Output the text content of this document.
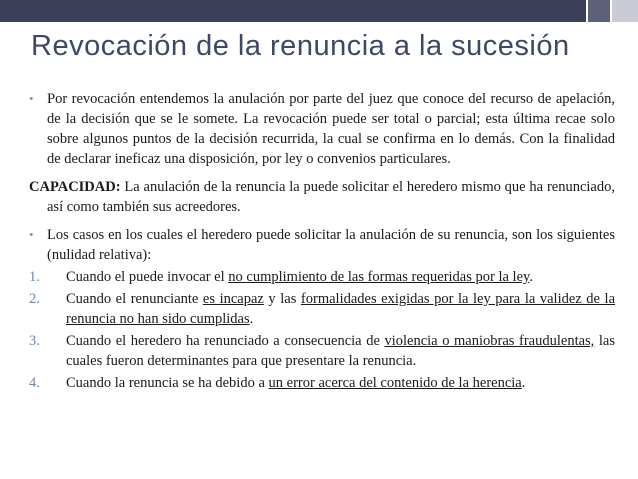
Revocación de la renuncia a la sucesión
• Por revocación entendemos la anulación por parte del juez que conoce del recurso de apelación, de la decisión que se le somete. La revocación puede ser total o parcial; esta última recae solo sobre algunos puntos de la decisión recurrida, la cual se confirma en lo demás. Con la finalidad de declarar ineficaz una disposición, por ley o convenios particulares.
CAPACIDAD: La anulación de la renuncia la puede solicitar el heredero mismo que ha renunciado, así como también sus acreedores.
• Los casos en los cuales el heredero puede solicitar la anulación de su renuncia, son los siguientes (nulidad relativa):
1. Cuando el puede invocar el no cumplimiento de las formas requeridas por la ley.
2. Cuando el renunciante es incapaz y las formalidades exigidas por la ley para la validez de la renuncia no han sido cumplidas.
3. Cuando el heredero ha renunciado a consecuencia de violencia o maniobras fraudulentas, las cuales fueron determinantes para que presentare la renuncia.
4. Cuando la renuncia se ha debido a un error acerca del contenido de la herencia.
